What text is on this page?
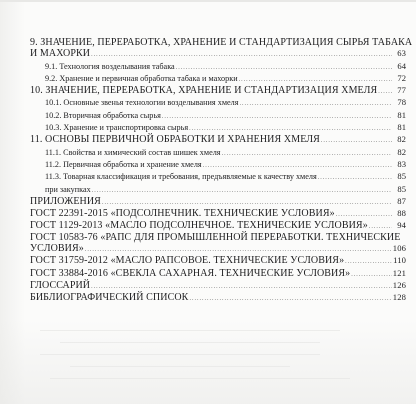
9. ЗНАЧЕНИЕ, ПЕРЕРАБОТКА, ХРАНЕНИЕ И СТАНДАРТИЗАЦИЯ СЫРЬЯ ТАБАКА
И МАХОРКИ .....	63
9.1. Технология возделывания табака .....	64
9.2. Хранение и первичная обработка табака и махорки .....	72
10. ЗНАЧЕНИЕ, ПЕРЕРАБОТКА, ХРАНЕНИЕ И СТАНДАРТИЗАЦИЯ ХМЕЛЯ .....	77
10.1. Основные звенья технологии возделывания хмеля .....	78
10.2. Вторичная обработка сырья .....	81
10.3. Хранение и транспортировка сырья .....	81
11. ОСНОВЫ ПЕРВИЧНОЙ ОБРАБОТКИ И ХРАНЕНИЯ ХМЕЛЯ .....	82
11.1. Свойства и химический состав шишек хмеля .....	82
11.2. Первичная обработка и хранение хмеля .....	83
11.3. Товарная классификация и требования, предъявляемые к качеству хмеля .....	85
при закупках .....	85
ПРИЛОЖЕНИЯ .....	87
ГОСТ 22391-2015 «ПОДСОЛНЕЧНИК. ТЕХНИЧЕСКИЕ УСЛОВИЯ» .....	88
ГОСТ 1129-2013 «МАСЛО ПОДСОЛНЕЧНОЕ. ТЕХНИЧЕСКИЕ УСЛОВИЯ» .....	94
ГОСТ 10583-76 «РАПС ДЛЯ ПРОМЫШЛЕННОЙ ПЕРЕРАБОТКИ. ТЕХНИЧЕСКИЕ
УСЛОВИЯ» .....	106
ГОСТ 31759-2012 «МАСЛО РАПСОВОЕ. ТЕХНИЧЕСКИЕ УСЛОВИЯ» .....	110
ГОСТ 33884-2016 «СВЕКЛА САХАРНАЯ. ТЕХНИЧЕСКИЕ УСЛОВИЯ» .....	121
ГЛОССАРИЙ .....	126
БИБЛИОГРАФИЧЕСКИЙ СПИСОК .....	128
